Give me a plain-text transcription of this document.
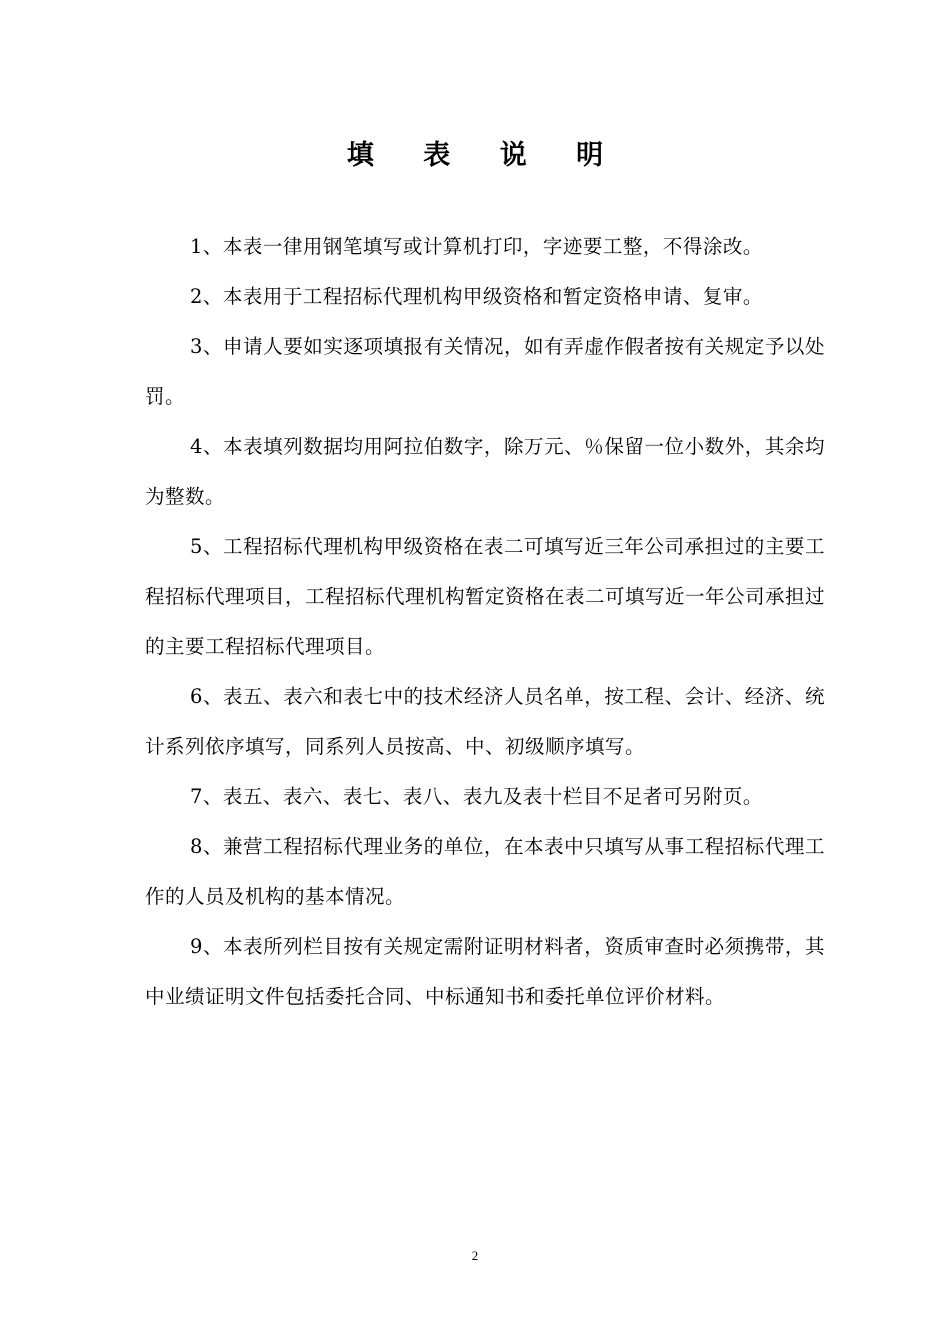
填 表 说 明

1、本表一律用钢笔填写或计算机打印，字迹要工整，不得涂改。

2、本表用于工程招标代理机构甲级资格和暂定资格申请、复审。

3、申请人要如实逐项填报有关情况，如有弄虚作假者按有关规定予以处罚。

4、本表填列数据均用阿拉伯数字，除万元、％保留一位小数外，其余均为整数。

5、工程招标代理机构甲级资格在表二可填写近三年公司承担过的主要工程招标代理项目，工程招标代理机构暂定资格在表二可填写近一年公司承担过的主要工程招标代理项目。

6、表五、表六和表七中的技术经济人员名单，按工程、会计、经济、统计系列依序填写，同系列人员按高、中、初级顺序填写。

7、表五、表六、表七、表八、表九及表十栏目不足者可另附页。

8、兼营工程招标代理业务的单位，在本表中只填写从事工程招标代理工作的人员及机构的基本情况。

9、本表所列栏目按有关规定需附证明材料者，资质审查时必须携带，其中业绩证明文件包括委托合同、中标通知书和委托单位评价材料。

2
